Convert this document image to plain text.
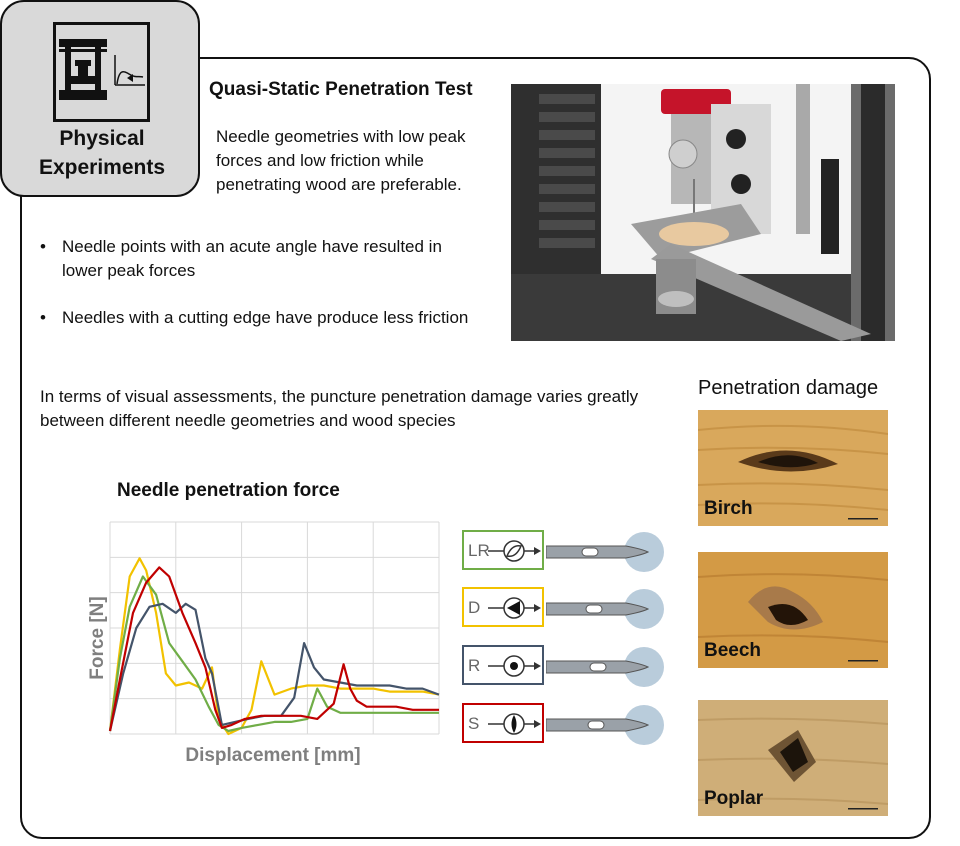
Physical
Experiments
Quasi-Static Penetration Test
Needle geometries with low peak forces and low friction while penetrating wood are preferable.
• Needle points with an acute angle have resulted in lower peak forces
• Needles with a cutting edge have produce less friction
In terms of visual assessments, the puncture penetration damage varies greatly between different needle geometries and wood species
Penetration damage
Birch
Beech
Poplar
Needle penetration force
Force [N]
Displacement [mm]
LR
D
R
S
